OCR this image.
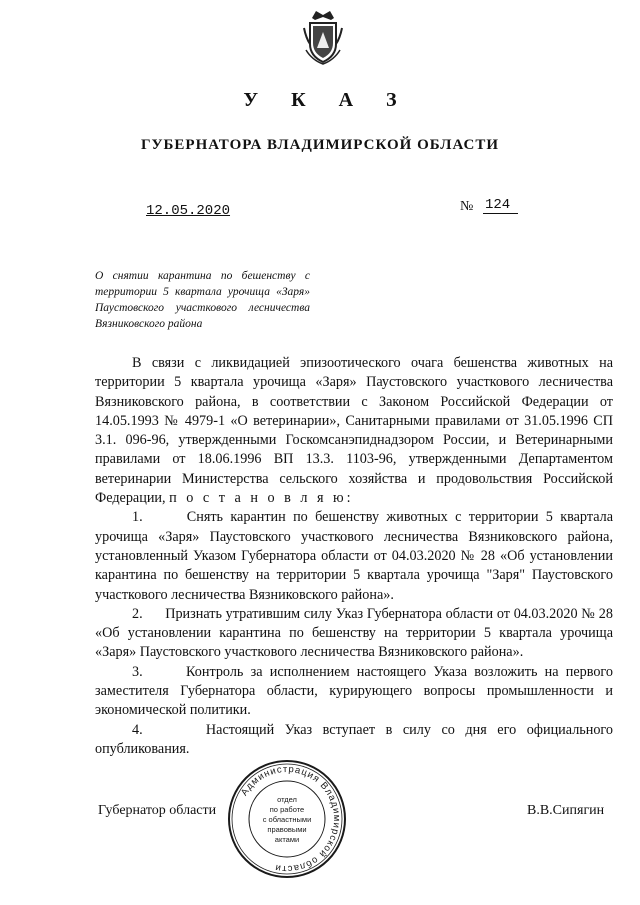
У К А З
ГУБЕРНАТОРА ВЛАДИМИРСКОЙ ОБЛАСТИ
12.05.2020	№ 124
О снятии карантина по бешенству с территории 5 квартала урочища «Заря» Паустовского участкового лесничества Вязниковского района

В связи с ликвидацией эпизоотического очага бешенства животных на территории 5 квартала урочища «Заря» Паустовского участкового лесничества Вязниковского района, в соответствии с Законом Российской Федерации от 14.05.1993 № 4979-1 «О ветеринарии», Санитарными правилами от 31.05.1996 СП 3.1. 096-96, утвержденными Госкомсанэпиднадзором России, и Ветеринарными правилами от 18.06.1996 ВП 13.3. 1103-96, утвержденными Департаментом ветеринарии Министерства сельского хозяйства и продовольствия Российской Федерации, п о с т а н о в л я ю:

1.      Снять карантин по бешенству животных с территории 5 квартала урочища «Заря» Паустовского участкового лесничества Вязниковского района, установленный Указом Губернатора области от 04.03.2020 № 28 «Об установлении карантина по бешенству на территории 5 квартала урочища "Заря" Паустовского участкового лесничества Вязниковского района».

2.      Признать утратившим силу Указ Губернатора области от 04.03.2020 № 28 «Об установлении карантина по бешенству на территории 5 квартала урочища «Заря» Паустовского участкового лесничества Вязниковского района».

3.      Контроль за исполнением настоящего Указа возложить на первого заместителя Губернатора области, курирующего вопросы промышленности и экономической политики.

4.      Настоящий Указ вступает в силу со дня его официального опубликования.

Губернатор области	В.В.Сипягин
Администрация Владимирской области
отдел
по работе
с областными
правовыми
актами
